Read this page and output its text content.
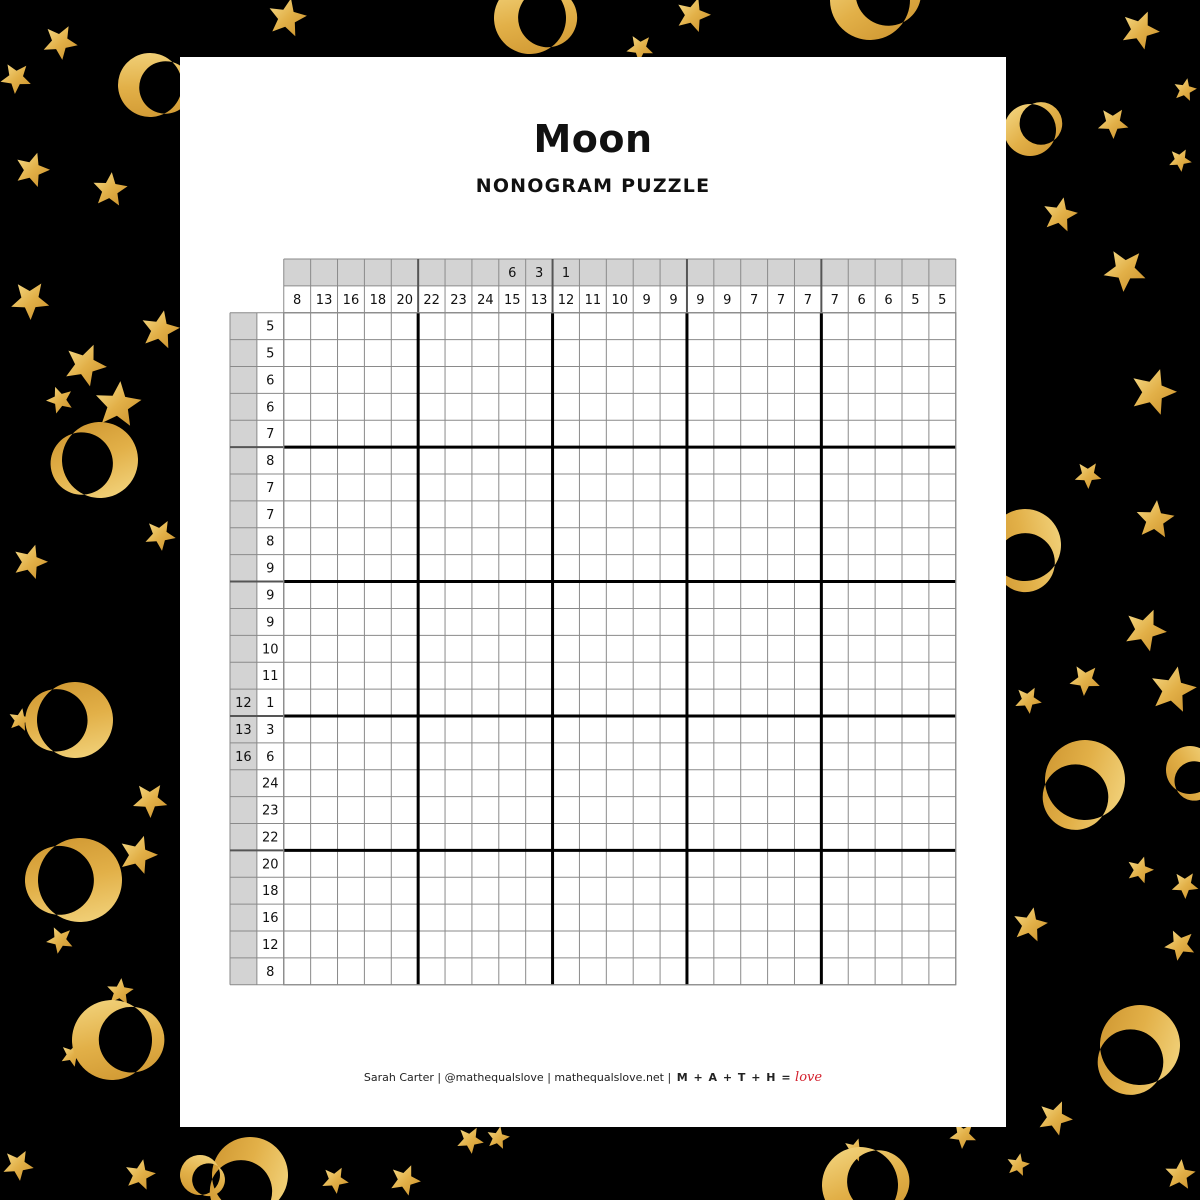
Moon
NONOGRAM PUZZLE
8 13 16 18 20 22 23 24
6
15
3
13
1
12 11 10 9 9 9 9 7 7 7 7 6 6 5 5
5
5
6
6
7
8
7
7
8
9
9
9
10
11
12 1
13 3
16 6
24
23
22
20
18
16
12
8
Sarah Carter | @mathequalslove | mathequalslove.net | M + A + T + H = love
